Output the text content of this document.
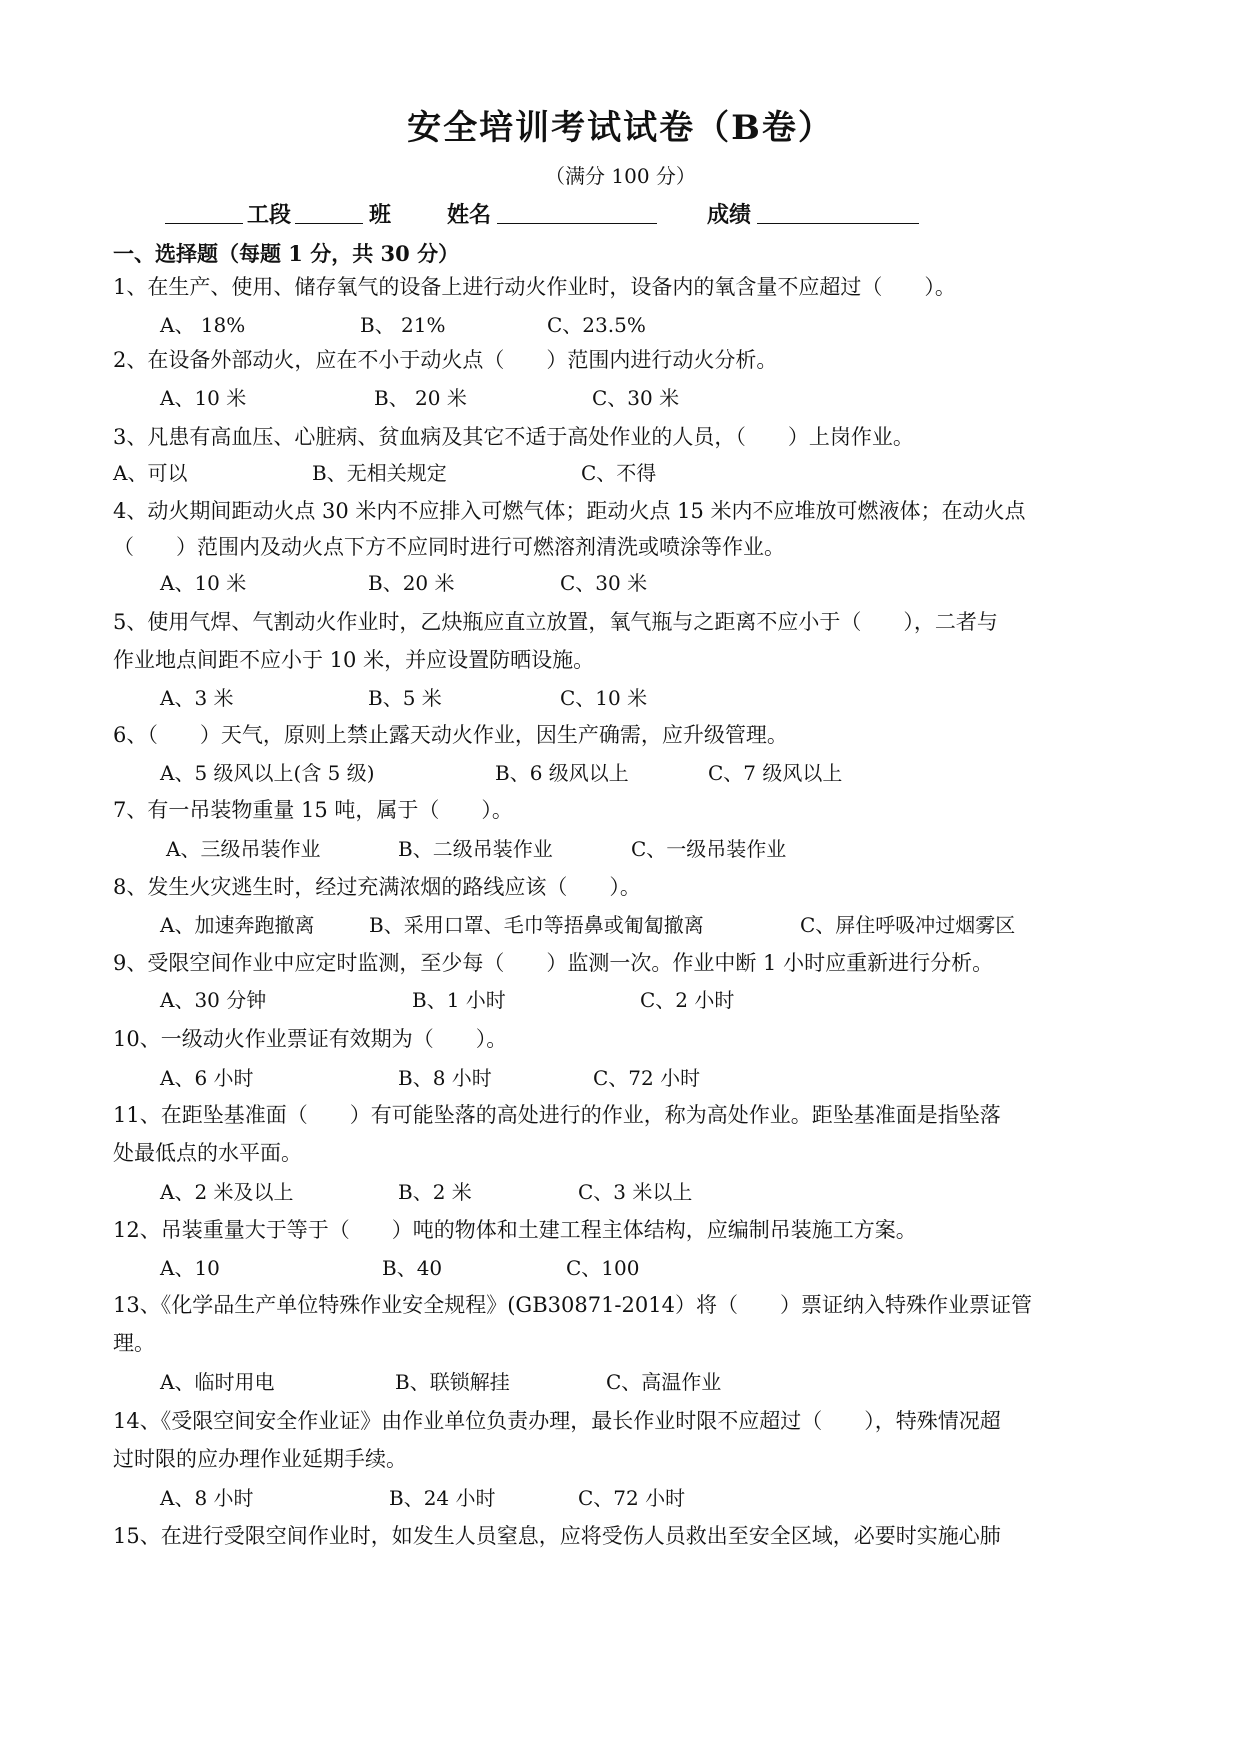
安全培训考试试卷（B卷）
（满分 100 分）
工段	班	姓名	成绩
一、选择题（每题 1 分，共 30 分）
1、在生产、使用、储存氧气的设备上进行动火作业时，设备内的氧含量不应超过（　　）。
A、 18%	B、 21%	C、23.5%
2、在设备外部动火，应在不小于动火点（　　）范围内进行动火分析。
A、10 米	B、 20 米	C、30 米
3、凡患有高血压、心脏病、贫血病及其它不适于高处作业的人员，（　　）上岗作业。
A、可以	B、无相关规定	C、不得
4、动火期间距动火点 30 米内不应排入可燃气体；距动火点 15 米内不应堆放可燃液体；在动火点
（　　）范围内及动火点下方不应同时进行可燃溶剂清洗或喷涂等作业。
A、10 米	B、20 米	C、30 米
5、使用气焊、气割动火作业时，乙炔瓶应直立放置，氧气瓶与之距离不应小于（　　），二者与
作业地点间距不应小于 10 米，并应设置防晒设施。
A、3 米	B、5 米	C、10 米
6、（　　）天气，原则上禁止露天动火作业，因生产确需，应升级管理。
A、5 级风以上(含 5 级)	B、6 级风以上	C、7 级风以上
7、有一吊装物重量 15 吨，属于（　　）。
A、三级吊装作业	B、二级吊装作业	C、一级吊装作业
8、发生火灾逃生时，经过充满浓烟的路线应该（　　）。
A、加速奔跑撤离	B、采用口罩、毛巾等捂鼻或匍匐撤离	C、屏住呼吸冲过烟雾区
9、受限空间作业中应定时监测，至少每（　　）监测一次。作业中断 1 小时应重新进行分析。
A、30 分钟	B、1 小时	C、2 小时
10、一级动火作业票证有效期为（　　）。
A、6 小时	B、8 小时	C、72 小时
11、在距坠基准面（　　）有可能坠落的高处进行的作业，称为高处作业。距坠基准面是指坠落
处最低点的水平面。
A、2 米及以上	B、2 米	C、3 米以上
12、吊装重量大于等于（　　）吨的物体和土建工程主体结构，应编制吊装施工方案。
A、10	B、40	C、100
13、《化学品生产单位特殊作业安全规程》(GB30871-2014）将（　　）票证纳入特殊作业票证管
理。
A、临时用电	B、联锁解挂	C、高温作业
14、《受限空间安全作业证》由作业单位负责办理，最长作业时限不应超过（　　），特殊情况超
过时限的应办理作业延期手续。
A、8 小时	B、24 小时	C、72 小时
15、在进行受限空间作业时，如发生人员窒息，应将受伤人员救出至安全区域，必要时实施心肺
